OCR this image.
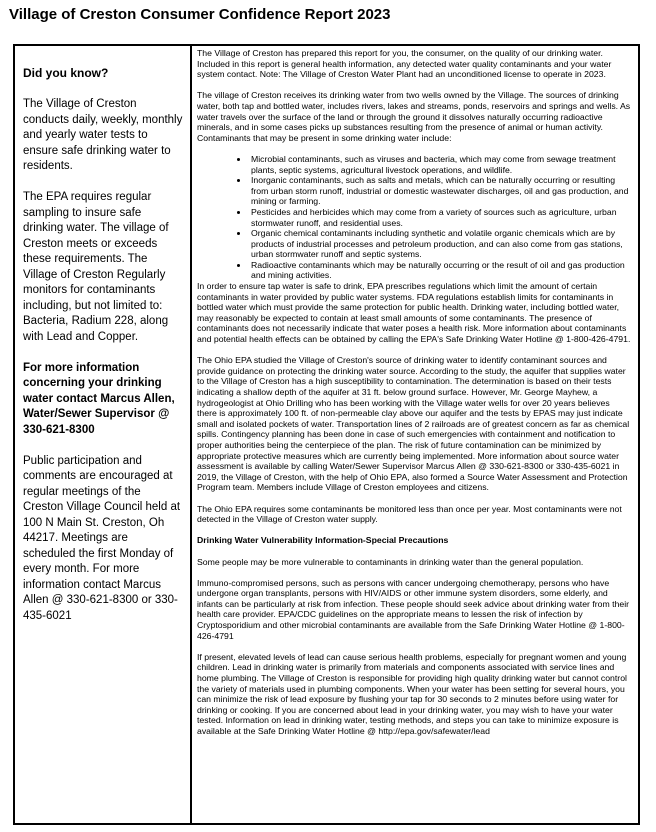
Village of Creston Consumer Confidence Report 2023
Did you know?

The Village of Creston conducts daily, weekly, monthly and yearly water tests to ensure safe drinking water to residents.

The EPA requires regular sampling to insure safe drinking water. The village of Creston meets or exceeds these requirements. The Village of Creston Regularly monitors for contaminants including, but not limited to: Bacteria, Radium 228, along with Lead and Copper.

For more information concerning your drinking water contact Marcus Allen, Water/Sewer Supervisor @ 330-621-8300

Public participation and comments are encouraged at regular meetings of the Creston Village Council held at 100 N Main St. Creston, Oh 44217. Meetings are scheduled the first Monday of every month. For more information contact Marcus Allen @ 330-621-8300 or 330-435-6021

The Village of Creston has prepared this report for you, the consumer, on the quality of our drinking water. Included in this report is general health information, any detected water quality contaminants and your water system contact. Note: The Village of Creston Water Plant had an unconditioned license to operate in 2023.

The village of Creston receives its drinking water from two wells owned by the Village. The sources of drinking water, both tap and bottled water, includes rivers, lakes and streams, ponds, reservoirs and springs and wells. As water travels over the surface of the land or through the ground it dissolves naturally occurring radioactive minerals, and in some cases picks up substances resulting from the presence of animal or human activity. Contaminants that may be present in some drinking water include:

• Microbial contaminants, such as viruses and bacteria, which may come from sewage treatment plants, septic systems, agricultural livestock operations, and wildlife.
• Inorganic contaminants, such as salts and metals, which can be naturally occurring or resulting from urban storm runoff, industrial or domestic wastewater discharges, oil and gas production, and mining or farming.
• Pesticides and herbicides which may come from a variety of sources such as agriculture, urban stormwater runoff, and residential uses.
• Organic chemical contaminants including synthetic and volatile organic chemicals which are by products of industrial processes and petroleum production, and can also come from gas stations, urban stormwater runoff and septic systems.
• Radioactive contaminants which may be naturally occurring or the result of oil and gas production and mining activities.

In order to ensure tap water is safe to drink, EPA prescribes regulations which limit the amount of certain contaminants in water provided by public water systems. FDA regulations establish limits for contaminants in bottled water which must provide the same protection for public health. Drinking water, including bottled water, may reasonably be expected to contain at least small amounts of some contaminants. The presence of contaminants does not necessarily indicate that water poses a health risk. More information about contaminants and potential health effects can be obtained by calling the EPA's Safe Drinking Water Hotline @ 1-800-426-4791.

The Ohio EPA studied the Village of Creston's source of drinking water to identify contaminant sources and provide guidance on protecting the drinking water source. According to the study, the aquifer that supplies water to the Village of Creston has a high susceptibility to contamination. The determination is based on their tests indicating a shallow depth of the aquifer at 31 ft. below ground surface. However, Mr. George Mayhew, a hydrogeologist at Ohio Drilling who has been working with the Village water wells for over 20 years believes there is approximately 100 ft. of non-permeable clay above our aquifer and the tests by EPAS may just indicate small and isolated pockets of water. Transportation lines of 2 railroads are of greatest concern as far as chemical spills. Contingency planning has been done in case of such emergencies with containment and notification to proper authorities being the centerpiece of the plan. The risk of future contamination can be minimized by appropriate protective measures which are currently being implemented. More information about source water assessment is available by calling Water/Sewer Supervisor Marcus Allen @ 330-621-8300 or 330-435-6021 in 2019, the Village of Creston, with the help of Ohio EPA, also formed a Source Water Assessment and Protection Program team. Members include Village of Creston employees and citizens.

The Ohio EPA requires some contaminants be monitored less than once per year. Most contaminants were not detected in the Village of Creston water supply.

Drinking Water Vulnerability Information-Special Precautions

Some people may be more vulnerable to contaminants in drinking water than the general population.

Immuno-compromised persons, such as persons with cancer undergoing chemotherapy, persons who have undergone organ transplants, persons with HIV/AIDS or other immune system disorders, some elderly, and infants can be particularly at risk from infection. These people should seek advice about drinking water from their health care provider. EPA/CDC guidelines on the appropriate means to lessen the risk of infection by Cryptosporidium and other microbial contaminants are available from the Safe Drinking Water Hotline @ 1-800-426-4791

If present, elevated levels of lead can cause serious health problems, especially for pregnant women and young children. Lead in drinking water is primarily from materials and components associated with service lines and home plumbing. The Village of Creston is responsible for providing high quality drinking water but cannot control the variety of materials used in plumbing components. When your water has been setting for several hours, you can minimize the risk of lead exposure by flushing your tap for 30 seconds to 2 minutes before using water for drinking or cooking. If you are concerned about lead in your drinking water, you may wish to have your water tested. Information on lead in drinking water, testing methods, and steps you can take to minimize exposure is available at the Safe Drinking Water Hotline @ http://epa.gov/safewater/lead
